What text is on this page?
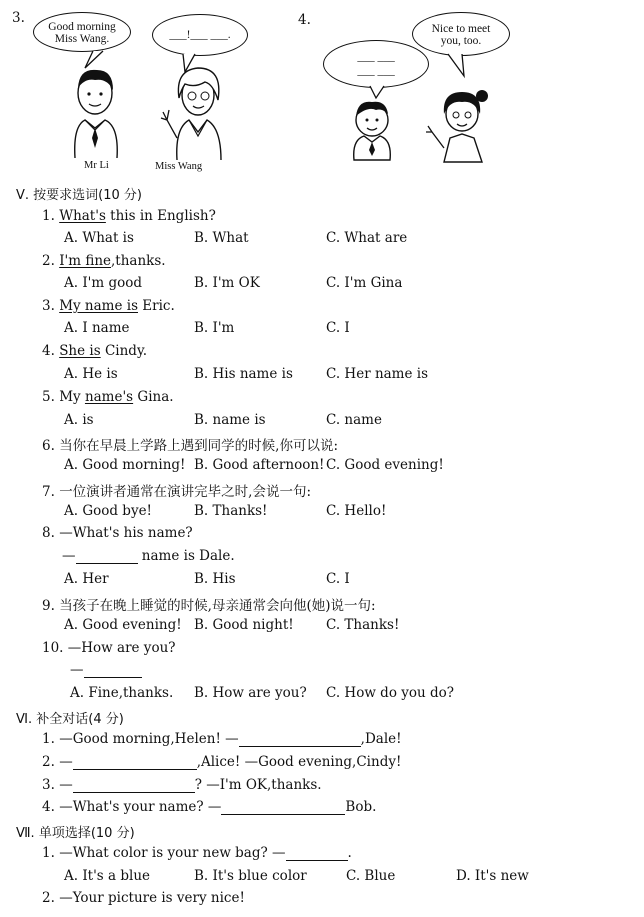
3.
Good morning
Miss Wang.	___!___ ___.
Mr Li	Miss Wang
4.
___ ___
___ ___
Nice to meet
you, too.
Ⅴ. 按要求选词(10 分)
1. What's this in English?
A. What is	B. What	C. What are
2. I'm fine,thanks.
A. I'm good	B. I'm OK	C. I'm Gina
3. My name is Eric.
A. I name	B. I'm	C. I
4. She is Cindy.
A. He is	B. His name is C. Her name is
5. My name's Gina.
A. is	B. name is	C. name
6. 当你在早晨上学路上遇到同学的时候,你可以说:
A. Good morning! B. Good afternoon! C. Good evening!
7. 一位演讲者通常在演讲完毕之时,会说一句:
A. Good bye!	B. Thanks!	C. Hello!
8. —What's his name?
—	name is Dale.
A. Her	B. His	C. I
9. 当孩子在晚上睡觉的时候,母亲通常会向他(她)说一句:
A. Good evening! B. Good night! C. Thanks!
10. —How are you?
—
A. Fine,thanks. B. How are you? C. How do you do?
Ⅵ. 补全对话(4 分)
1. —Good morning,Helen! —	,Dale!
2. —	,Alice! —Good evening,Cindy!
3. —	? —I'm OK,thanks.
4. —What's your name? —	Bob.
Ⅶ. 单项选择(10 分)
1. —What color is your new bag? —	.
A. It's a blue	B. It's blue color	C. Blue	D. It's new
2. —Your picture is very nice!
